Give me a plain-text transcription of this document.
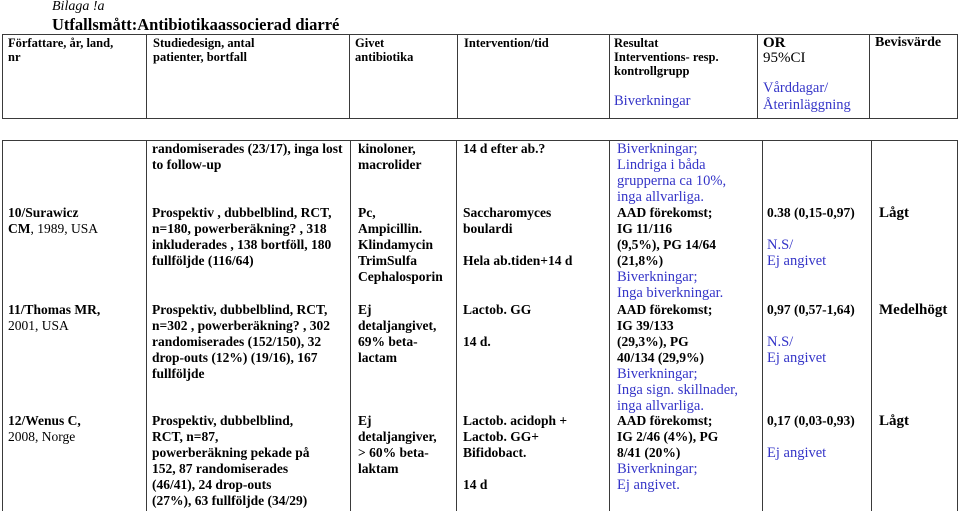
Bilaga !a
Utfallsmått:Antibiotikaassocierad diarré
Författare, år, land,
nr
Studiedesign, antal
patienter, bortfall
Givet
antibiotika
Intervention/tid	Resultat
Interventions- resp.
kontrollgrupp
Biverkningar
OR
95%CI
Vårddagar/
Återinläggning
Bevisvärde
10/Surawicz
CM, 1989, USA
11/Thomas MR,
2001, USA
12/Wenus C,
2008, Norge
randomiserades (23/17), inga lost
to follow-up
Prospektiv , dubbelblind, RCT,
n=180, powerberäkning? , 318
inkluderades , 138 bortföll, 180
fullföljde (116/64)
Prospektiv, dubbelblind, RCT,
n=302 , powerberäkning? , 302
randomiserades (152/150), 32
drop-outs (12%) (19/16), 167
fullföljde
Prospektiv, dubbelblind,
RCT, n=87,
powerberäkning pekade på
152, 87 randomiserades
(46/41), 24 drop-outs
(27%), 63 fullföljde (34/29)
kinoloner,
macrolider
Pc,
Ampicillin.
Klindamycin
TrimSulfa
Cephalosporin
Ej
detaljangivet,
69% beta-
lactam
Ej
detaljangiver,
> 60% beta-
laktam
14 d efter ab.?
Saccharomyces
boulardi
Hela ab.tiden+14 d
Lactob. GG
14 d.
Lactob. acidoph +
Lactob. GG+
Bifidobact.
14 d
Biverkningar;
Lindriga i båda
grupperna ca 10%,
inga allvarliga.
AAD förekomst;
IG 11/116
(9,5%), PG 14/64
(21,8%)
Biverkningar;
Inga biverkningar.
AAD förekomst;
IG 39/133
(29,3%), PG
40/134 (29,9%)
Biverkningar;
Inga sign. skillnader,
inga allvarliga.
AAD förekomst;
IG 2/46 (4%), PG
8/41 (20%)
Biverkningar;
Ej angivet.
0.38 (0,15-0,97)
N.S/
Ej angivet
0,97 (0,57-1,64)
N.S/
Ej angivet
0,17 (0,03-0,93)
Ej angivet
Lågt
Medelhögt
Lågt
